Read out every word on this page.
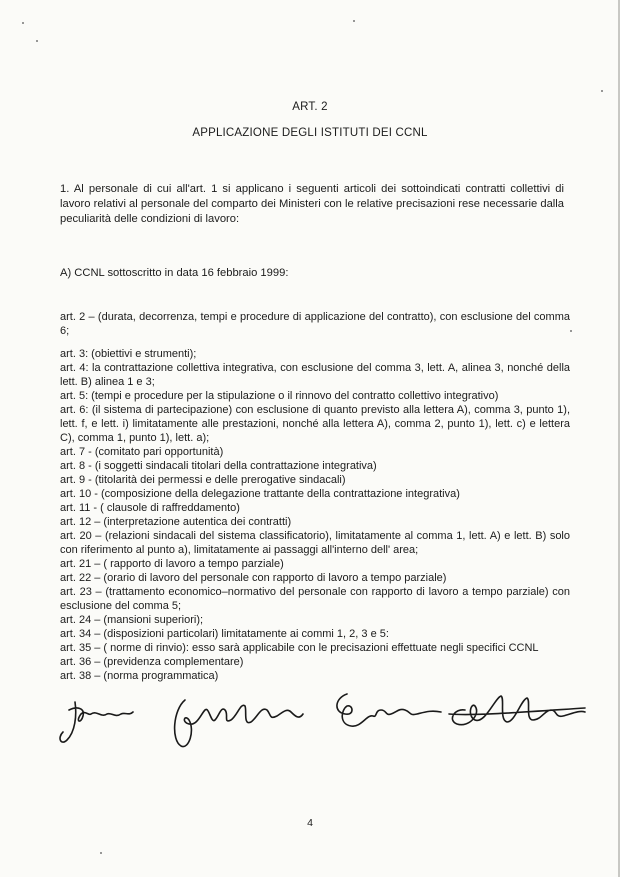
ART. 2
APPLICAZIONE DEGLI ISTITUTI DEI CCNL

1. Al personale di cui all'art. 1 si applicano i seguenti articoli dei sottoindicati contratti collettivi di lavoro relativi al personale del comparto dei Ministeri con le relative precisazioni rese necessarie dalla peculiarità delle condizioni di lavoro:

A) CCNL sottoscritto in data 16 febbraio 1999:
art. 2 – (durata, decorrenza, tempi e procedure di applicazione del contratto), con esclusione del comma 6;
art. 3: (obiettivi e strumenti);
art. 4: la contrattazione collettiva integrativa, con esclusione del comma 3, lett. A, alinea 3, nonché della lett. B) alinea 1 e 3;
art. 5: (tempi e procedure per la stipulazione o il rinnovo del contratto collettivo integrativo)
art. 6: (il sistema di partecipazione) con esclusione di quanto previsto alla lettera A), comma 3, punto 1), lett. f, e lett. i) limitatamente alle prestazioni, nonché alla lettera A), comma 2, punto 1), lett. c) e lettera C), comma 1, punto 1), lett. a);
art. 7 - (comitato pari opportunità)
art. 8 - (i soggetti sindacali titolari della contrattazione integrativa)
art. 9 - (titolarità dei permessi e delle prerogative sindacali)
art. 10 - (composizione della delegazione trattante della contrattazione integrativa)
art. 11 - ( clausole di raffreddamento)
art. 12 – (interpretazione autentica dei contratti)
art. 20 – (relazioni sindacali del sistema classificatorio), limitatamente al comma 1, lett. A) e lett. B) solo con riferimento al punto a), limitatamente ai passaggi all'interno dell' area;
art. 21 – ( rapporto di lavoro a tempo parziale)
art. 22 – (orario di lavoro del personale con rapporto di lavoro a tempo parziale)
art. 23 – (trattamento economico–normativo del personale con rapporto di lavoro a tempo parziale) con esclusione del comma 5;
art. 24 – (mansioni superiori);
art. 34 – (disposizioni particolari) limitatamente ai commi 1, 2, 3 e 5:
art. 35 – ( norme di rinvio): esso sarà applicabile con le precisazioni effettuate negli specifici CCNL
art. 36 – (previdenza complementare)
art. 38 – (norma programmatica)
4
